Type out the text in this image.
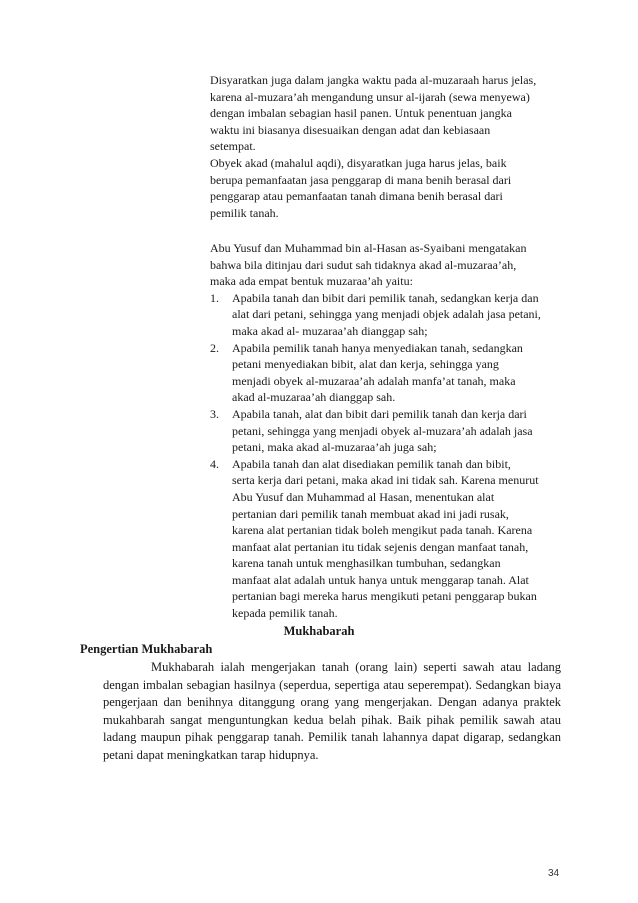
Disyaratkan juga dalam jangka waktu pada al-muzaraah harus jelas,
karena al-muzara’ah mengandung unsur al-ijarah (sewa menyewa)
dengan imbalan sebagian hasil panen. Untuk penentuan jangka
waktu ini biasanya disesuaikan dengan adat dan kebiasaan
setempat.
Obyek akad (mahalul aqdi), disyaratkan juga harus jelas, baik
berupa pemanfaatan jasa penggarap di mana benih berasal dari
penggarap atau pemanfaatan tanah dimana benih berasal dari
pemilik tanah.
Abu Yusuf dan Muhammad bin al-Hasan as-Syaibani mengatakan
bahwa bila ditinjau dari sudut sah tidaknya akad al-muzaraa’ah,
maka ada empat bentuk muzaraa’ah yaitu:
1. Apabila tanah dan bibit dari pemilik tanah, sedangkan kerja dan
alat dari petani, sehingga yang menjadi objek adalah jasa petani,
maka akad al- muzaraa’ah dianggap sah;
2. Apabila pemilik tanah hanya menyediakan tanah, sedangkan
petani menyediakan bibit, alat dan kerja, sehingga yang
menjadi obyek al-muzaraa’ah adalah manfa’at tanah, maka
akad al-muzaraa’ah dianggap sah.
3. Apabila tanah, alat dan bibit dari pemilik tanah dan kerja dari
petani, sehingga yang menjadi obyek al-muzara’ah adalah jasa
petani, maka akad al-muzaraa’ah juga sah;
4. Apabila tanah dan alat disediakan pemilik tanah dan bibit,
serta kerja dari petani, maka akad ini tidak sah. Karena menurut
Abu Yusuf dan Muhammad al Hasan, menentukan alat
pertanian dari pemilik tanah membuat akad ini jadi rusak,
karena alat pertanian tidak boleh mengikut pada tanah. Karena
manfaat alat pertanian itu tidak sejenis dengan manfaat tanah,
karena tanah untuk menghasilkan tumbuhan, sedangkan
manfaat alat adalah untuk hanya untuk menggarap tanah. Alat
pertanian bagi mereka harus mengikuti petani penggarap bukan
kepada pemilik tanah.
Mukhabarah
Pengertian Mukhabarah
Mukhabarah ialah mengerjakan tanah (orang lain) seperti sawah atau ladang dengan imbalan sebagian hasilnya (seperdua, sepertiga atau seperempat). Sedangkan biaya pengerjaan dan benihnya ditanggung orang yang mengerjakan. Dengan adanya praktek mukahbarah sangat menguntungkan kedua belah pihak. Baik pihak pemilik sawah atau ladang maupun pihak penggarap tanah. Pemilik tanah lahannya dapat digarap, sedangkan petani dapat meningkatkan tarap hidupnya.
34
